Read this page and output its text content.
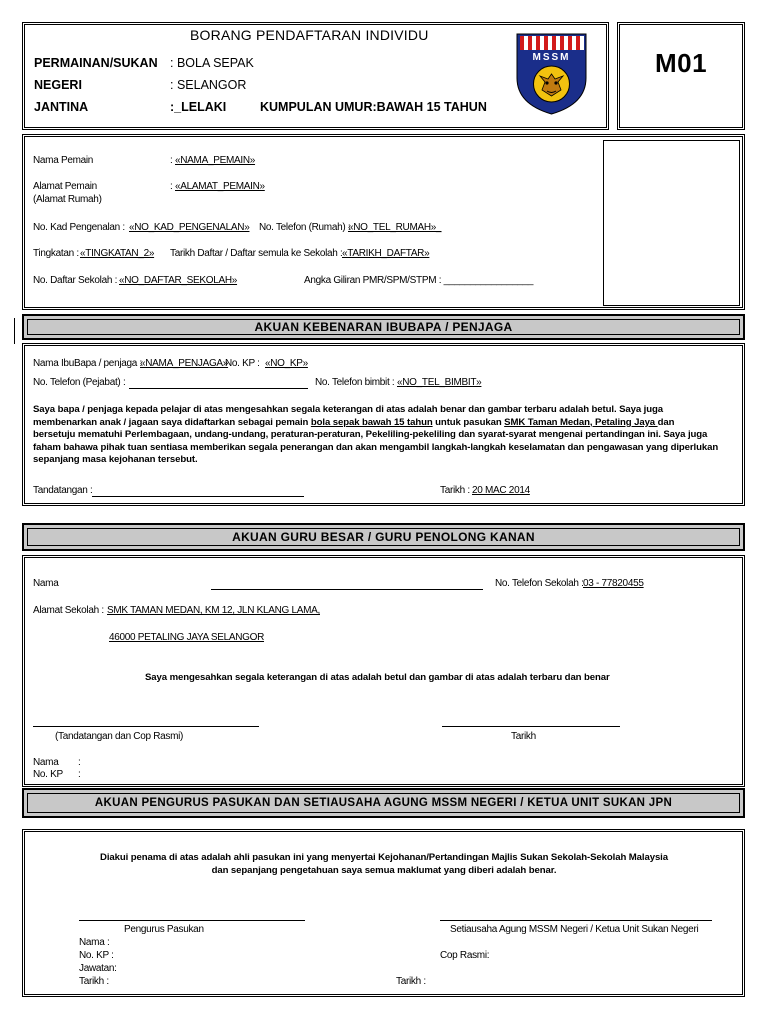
BORANG PENDAFTARAN INDIVIDU
PERMAINAN/SUKAN : BOLA SEPAK
NEGERI	: SELANGOR
JANTINA	:_LELAKI	KUMPULAN UMUR:BAWAH 15 TAHUN
MSSM	M01
Nama Pemain	: «NAMA_PEMAIN»
Alamat Pemain
(Alamat Rumah)
: «ALAMAT_PEMAIN»
No. Kad Pengenalan : «NO_KAD_PENGENALAN» No. Telefon (Rumah) :
«NO_TEL_RUMAH»_
Tingkatan : «TINGKATAN_2» Tarikh Daftar / Daftar semula ke Sekolah : «TARIKH_DAFTAR»
No. Daftar Sekolah : «NO_DAFTAR_SEKOLAH»	Angka Giliran PMR/SPM/STPM : _________________
AKUAN KEBENARAN IBUBAPA / PENJAGA
Nama IbuBapa / penjaga :
«NAMA_PENJAGA»
No. KP : «NO_KP»
No. Telefon (Pejabat) :	No. Telefon bimbit : «NO_TEL_BIMBIT»
Saya bapa / penjaga kepada pelajar di atas mengesahkan segala keterangan di atas adalah benar dan gambar terbaru adalah betul. Saya juga
membenarkan anak / jagaan saya didaftarkan sebagai pemain bola sepak bawah 15 tahun untuk pasukan SMK Taman Medan, Petaling Jaya dan
bersetuju mematuhi Perlembagaan, undang-undang, peraturan-peraturan, Pekeliling-pekeliling dan syarat-syarat mengenai pertandingan ini. Saya juga
faham bahawa pihak tuan sentiasa memberikan segala penerangan dan akan mengambil langkah-langkah keselamatan dan pengawasan yang diperlukan
sepanjang masa kejohanan tersebut.
Tandatangan :	Tarikh : 20 MAC 2014
AKUAN GURU BESAR / GURU PENOLONG KANAN
Nama	No. Telefon Sekolah : 03 - 77820455
Alamat Sekolah : SMK TAMAN MEDAN, KM 12, JLN KLANG LAMA,
46000 PETALING JAYA SELANGOR
Saya mengesahkan segala keterangan di atas adalah betul dan gambar di atas adalah terbaru dan benar
(Tandatangan dan Cop Rasmi)	Tarikh
Nama :
No. KP :
AKUAN PENGURUS PASUKAN DAN SETIAUSAHA AGUNG MSSM NEGERI / KETUA UNIT SUKAN JPN
Diakui penama di atas adalah ahli pasukan ini yang menyertai Kejohanan/Pertandingan Majlis Sukan Sekolah-Sekolah Malaysia
dan sepanjang pengetahuan saya semua maklumat yang diberi adalah benar.
Pengurus Pasukan	Setiausaha Agung MSSM Negeri / Ketua Unit Sukan Negeri
Nama :
No. KP :
Jawatan:
Tarikh :
Cop Rasmi:
Tarikh :
